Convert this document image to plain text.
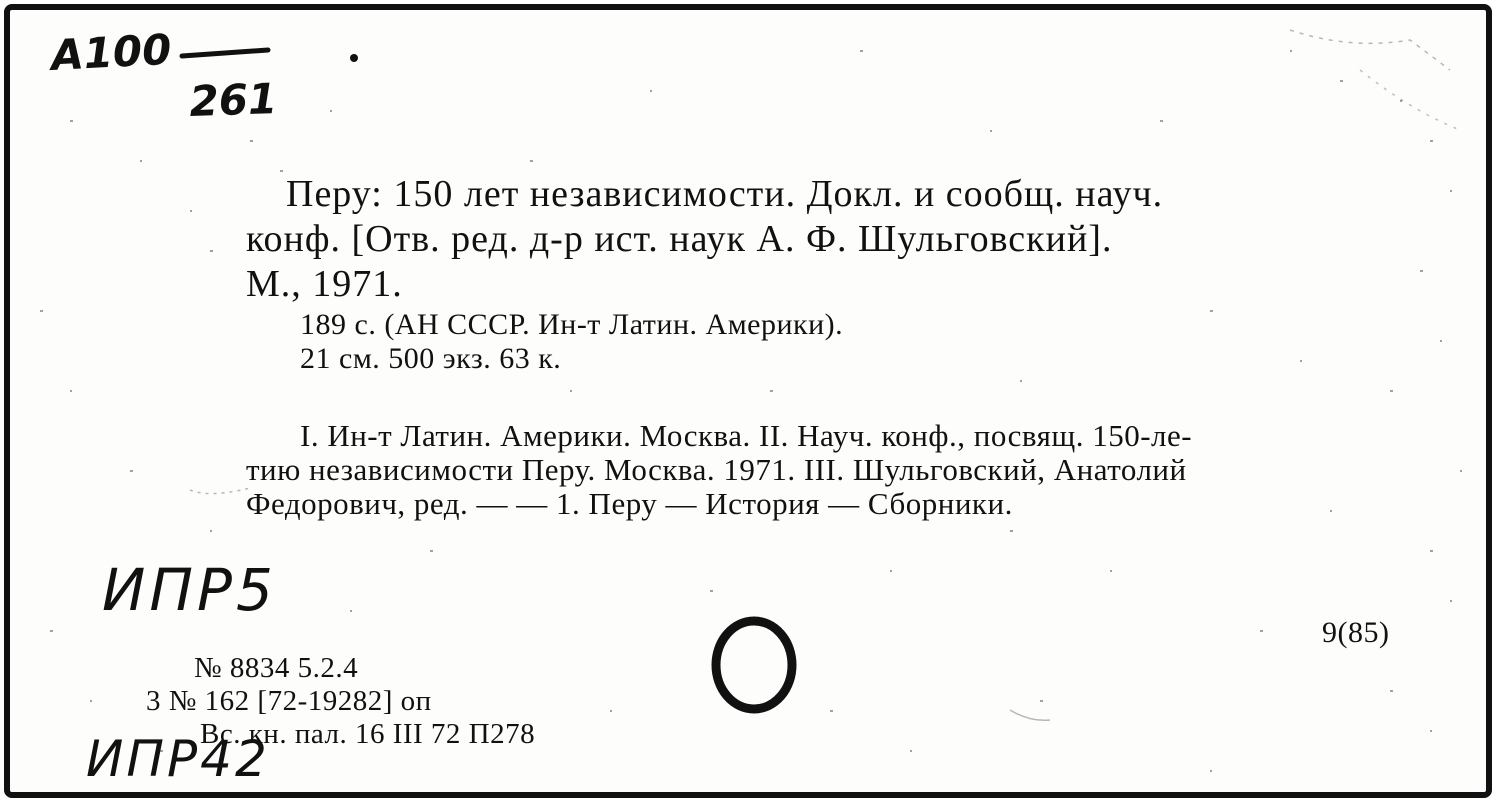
A100
261
Перу: 150 лет независимости. Докл. и сообщ. науч.
конф. [Отв. ред. д-р ист. наук А. Ф. Шульговский].
М., 1971.
189 с. (АН СССР. Ин-т Латин. Америки).
21 см. 500 экз. 63 к.
I. Ин-т Латин. Америки. Москва. II. Науч. конф., посвящ. 150-ле-
тию независимости Перу. Москва. 1971. III. Шульговский, Анатолий
Федорович, ред. — — 1. Перу — История — Сборники.
ИПР5
9(85)
№ 8834 5.2.4
3 № 162 [72-19282] оп
Вс. кн. пал. 16 III 72 П278
ИПР42
